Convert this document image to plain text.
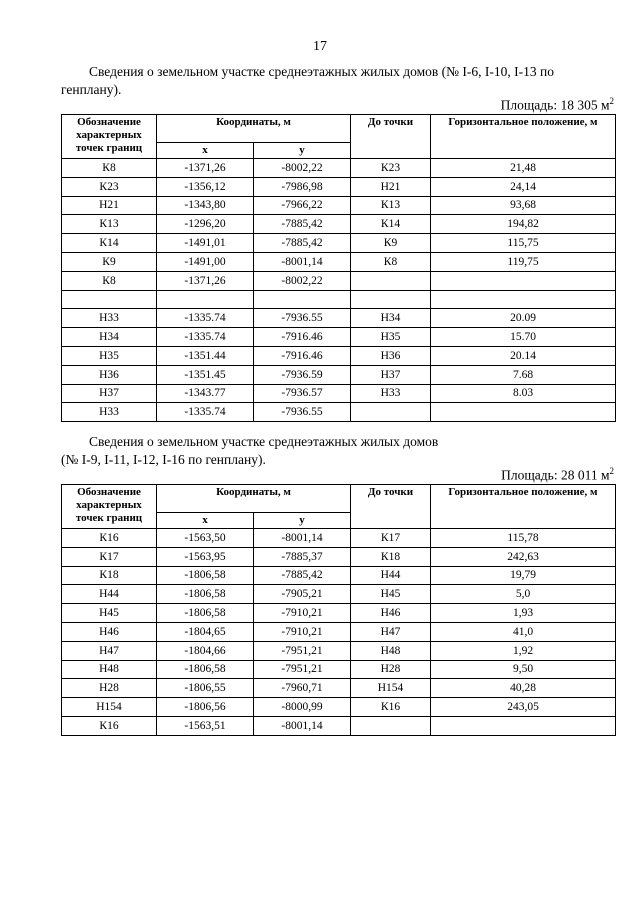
17
Сведения о земельном участке среднеэтажных жилых домов (№ I-6, I-10, I-13 по
генплану).
Площадь: 18 305 $м^2$
Обозначение характерных точек границ	Координаты, м		До точки	Горизонтальное положение, м
	x	y		
К8	-1371,26	-8002,22	К23	21,48
К23	-1356,12	-7986,98	Н21	24,14
Н21	-1343,80	-7966,22	К13	93,68
К13	-1296,20	-7885,42	К14	194,82
К14	-1491,01	-7885,42	К9	115,75
К9	-1491,00	-8001,14	К8	119,75
К8	-1371,26	-8002,22		

Н33	-1335.74	-7936.55	Н34	20.09
Н34	-1335.74	-7916.46	Н35	15.70
Н35	-1351.44	-7916.46	Н36	20.14
Н36	-1351.45	-7936.59	Н37	7.68
Н37	-1343.77	-7936.57	Н33	8.03
Н33	-1335.74	-7936.55		
Сведения о земельном участке среднеэтажных жилых домов
(№ I-9, I-11, I-12, I-16 по генплану).
Площадь: 28 011 $м^2$
Обозначение характерных точек границ	Координаты, м		До точки	Горизонтальное положение, м
	x	y		
К16	-1563,50	-8001,14	К17	115,78
К17	-1563,95	-7885,37	К18	242,63
К18	-1806,58	-7885,42	Н44	19,79
Н44	-1806,58	-7905,21	Н45	5,0
Н45	-1806,58	-7910,21	Н46	1,93
Н46	-1804,65	-7910,21	Н47	41,0
Н47	-1804,66	-7951,21	Н48	1,92
Н48	-1806,58	-7951,21	Н28	9,50
Н28	-1806,55	-7960,71	Н154	40,28
Н154	-1806,56	-8000,99	К16	243,05
К16	-1563,51	-8001,14		
